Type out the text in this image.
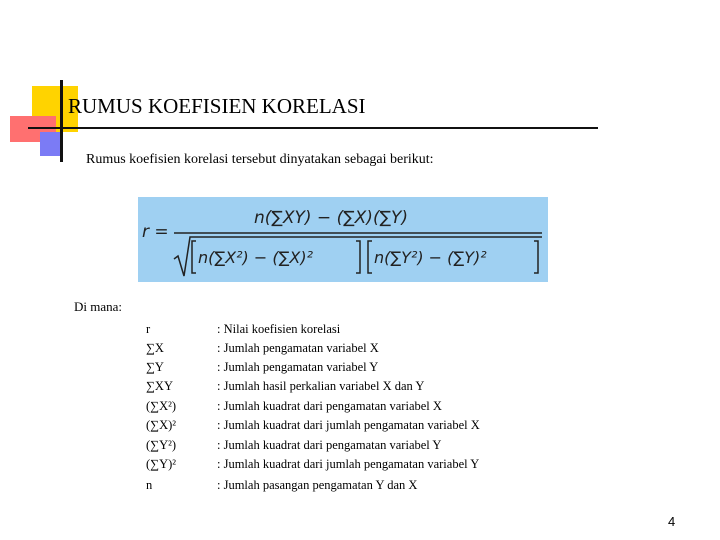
RUMUS KOEFISIEN KORELASI
Rumus koefisien korelasi tersebut dinyatakan sebagai berikut:
r =
n(∑XY) − (∑X)(∑Y)
n(∑X²) − (∑X)²	n(∑Y²) − (∑Y)²
Di mana:
r	: Nilai koefisien korelasi
∑X	: Jumlah pengamatan variabel X
∑Y	: Jumlah pengamatan variabel Y
∑XY	: Jumlah hasil perkalian variabel X dan Y
(∑X²)	: Jumlah kuadrat dari pengamatan variabel X
(∑X)²	: Jumlah kuadrat dari jumlah pengamatan variabel X
(∑Y²)	: Jumlah kuadrat dari pengamatan variabel Y
(∑Y)²	: Jumlah kuadrat dari jumlah pengamatan variabel Y
n	: Jumlah pasangan pengamatan Y dan X
4
